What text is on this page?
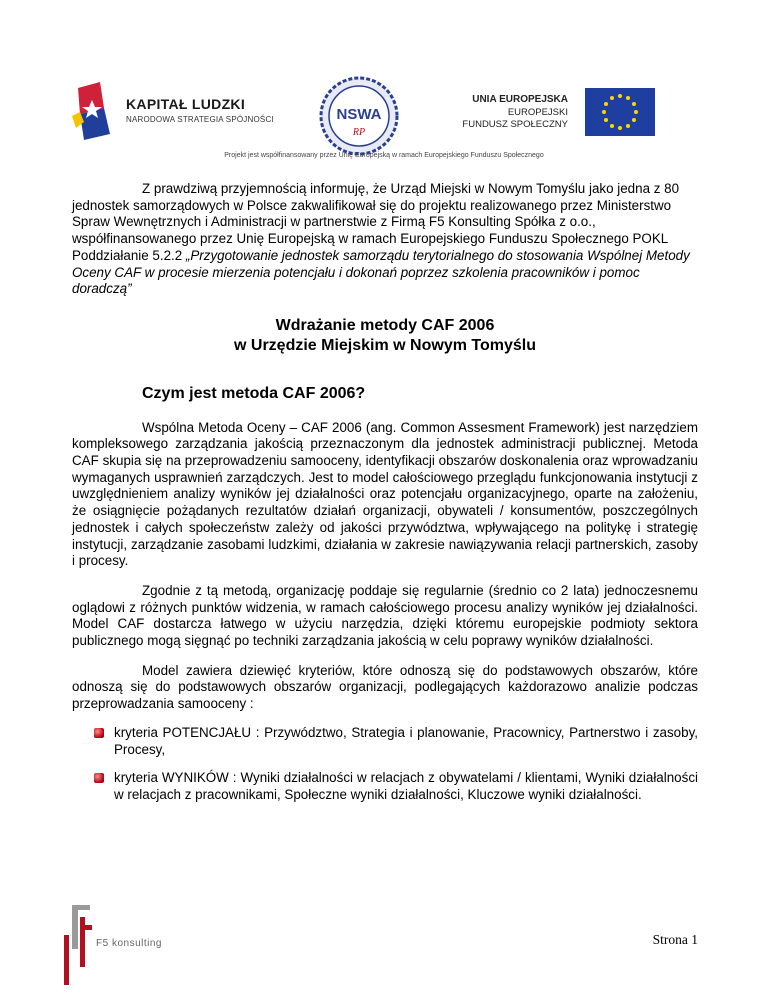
KAPITAŁ LUDZKI
NARODOWA STRATEGIA SPÓJNOŚCI	NSWA
RP
UNIA EUROPEJSKA
EUROPEJSKI
FUNDUSZ SPOŁECZNY
Projekt jest współfinansowany przez Unię Europejską w ramach Europejskiego Funduszu Społecznego

Z prawdziwą przyjemnością informuję, że Urząd Miejski w Nowym Tomyślu jako jedna z 80 jednostek samorządowych w Polsce zakwalifikował się do projektu realizowanego przez Ministerstwo Spraw Wewnętrznych i Administracji w partnerstwie z Firmą F5 Konsulting Spółka z o.o., współfinansowanego przez Unię Europejską w ramach Europejskiego Funduszu Społecznego POKL Poddziałanie 5.2.2 „Przygotowanie jednostek samorządu terytorialnego do stosowania Wspólnej Metody Oceny CAF w procesie mierzenia potencjału i dokonań poprzez szkolenia pracowników i pomoc doradczą”

Wdrażanie metody CAF 2006
w Urzędzie Miejskim w Nowym Tomyślu
Czym jest metoda CAF 2006?

Wspólna Metoda Oceny – CAF 2006 (ang. Common Assesment Framework) jest narzędziem kompleksowego zarządzania jakością przeznaczonym dla jednostek administracji publicznej. Metoda CAF skupia się na przeprowadzeniu samooceny, identyfikacji obszarów doskonalenia oraz wprowadzaniu wymaganych usprawnień zarządczych. Jest to model całościowego przeglądu funkcjonowania instytucji z uwzględnieniem analizy wyników jej działalności oraz potencjału organizacyjnego, oparte na założeniu, że osiągnięcie pożądanych rezultatów działań organizacji, obywateli / konsumentów, poszczególnych jednostek i całych społeczeństw zależy od jakości przywództwa, wpływającego na politykę i strategię instytucji, zarządzanie zasobami ludzkimi, działania w zakresie nawiązywania relacji partnerskich, zasoby i procesy.

Zgodnie z tą metodą, organizację poddaje się regularnie (średnio co 2 lata) jednoczesnemu oglądowi z różnych punktów widzenia, w ramach całościowego procesu analizy wyników jej działalności. Model CAF dostarcza łatwego w użyciu narzędzia, dzięki któremu europejskie podmioty sektora publicznego mogą sięgnąć po techniki zarządzania jakością w celu poprawy wyników działalności.

Model zawiera dziewięć kryteriów, które odnoszą się do podstawowych obszarów, które odnoszą się do podstawowych obszarów organizacji, podlegających każdorazowo analizie podczas przeprowadzania samooceny :

kryteria POTENCJAŁU : Przywództwo, Strategia i planowanie, Pracownicy, Partnerstwo i zasoby, Procesy,
kryteria WYNIKÓW : Wyniki działalności w relacjach z obywatelami / klientami, Wyniki działalności w relacjach z pracownikami, Społeczne wyniki działalności, Kluczowe wyniki działalności.
F5 konsulting	Strona 1
